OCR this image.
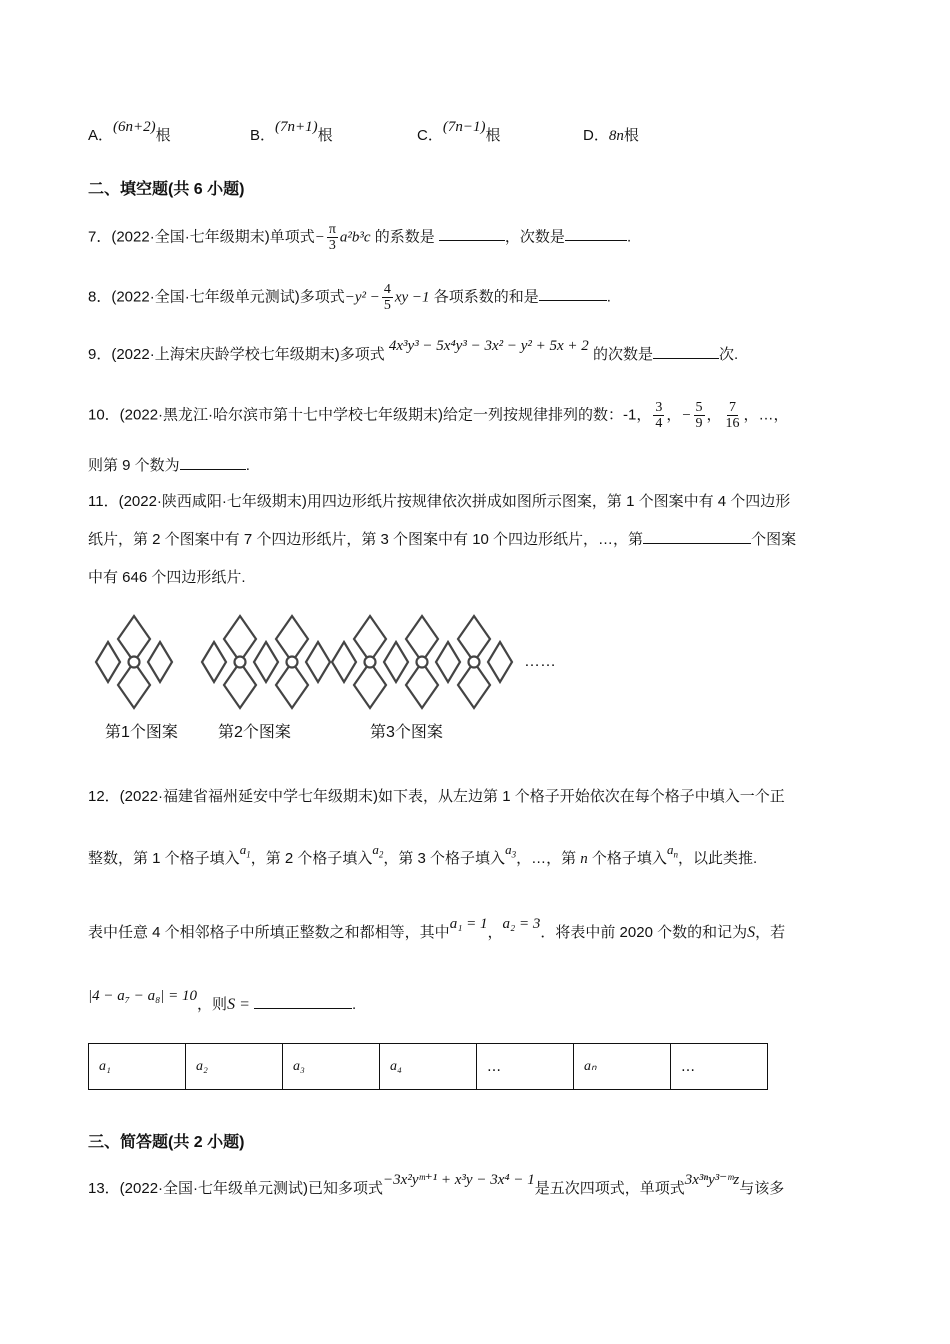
A．(6n+2)根	B．(7n+1)根	C．(7n−1)根	D．8n根
二、填空题(共 6 小题)
7．(2022·全国·七年级期末)单项式− $\frac{\pi}{3} a^2b^3c$ 的系数是	，次数是	.
8．(2022·全国·七年级单元测试)多项式$-y^2 - \frac{4}{5}$ xy −1 各项系数的和是	.
9．(2022·上海宋庆龄学校七年级期末)多项式 4x³y³ − 5x⁴y³ − 3x² − y² + 5x + 2 的次数是	次.
10．(2022·黑龙江·哈尔滨市第十七中学校七年级期末)给定一列按规律排列的数：-1， $\frac{3}{4}$ ，− $\frac{5}{9}$ ， $\frac{7}{16}$ ，…，
则第 9 个数为	.
11．(2022·陕西咸阳·七年级期末)用四边形纸片按规律依次拼成如图所示图案，第 1 个图案中有 4 个四边形
纸片，第 2 个图案中有 7 个四边形纸片，第 3 个图案中有 10 个四边形纸片，…，第	个图案
中有 646 个四边形纸片.
……
第1个图案	第2个图案	第3个图案
12．(2022·福建省福州延安中学七年级期末)如下表，从左边第 1 个格子开始依次在每个格子中填入一个正
整数，第 1 个格子填入$a_1$，第 2 个格子填入$a_2$，第 3 个格子填入$a_3$，…，第 n 个格子填入$a_n$，以此类推.
表中任意 4 个相邻格子中所填正整数之和都相等，其中a₁ = 1，a₂ = 3．将表中前 2020 个数的和记为S，若
|4 − a₇ − a₈| = 10，则S =	.
a₁	a₂	a₃	a₄	…	aₙ	…
三、简答题(共 2 小题)
13．(2022·全国·七年级单元测试)已知多项式−3x²yᵐ⁺¹ + x³y − 3x⁴ − 1是五次四项式，单项式3x³ⁿy³⁻ᵐz与该多
